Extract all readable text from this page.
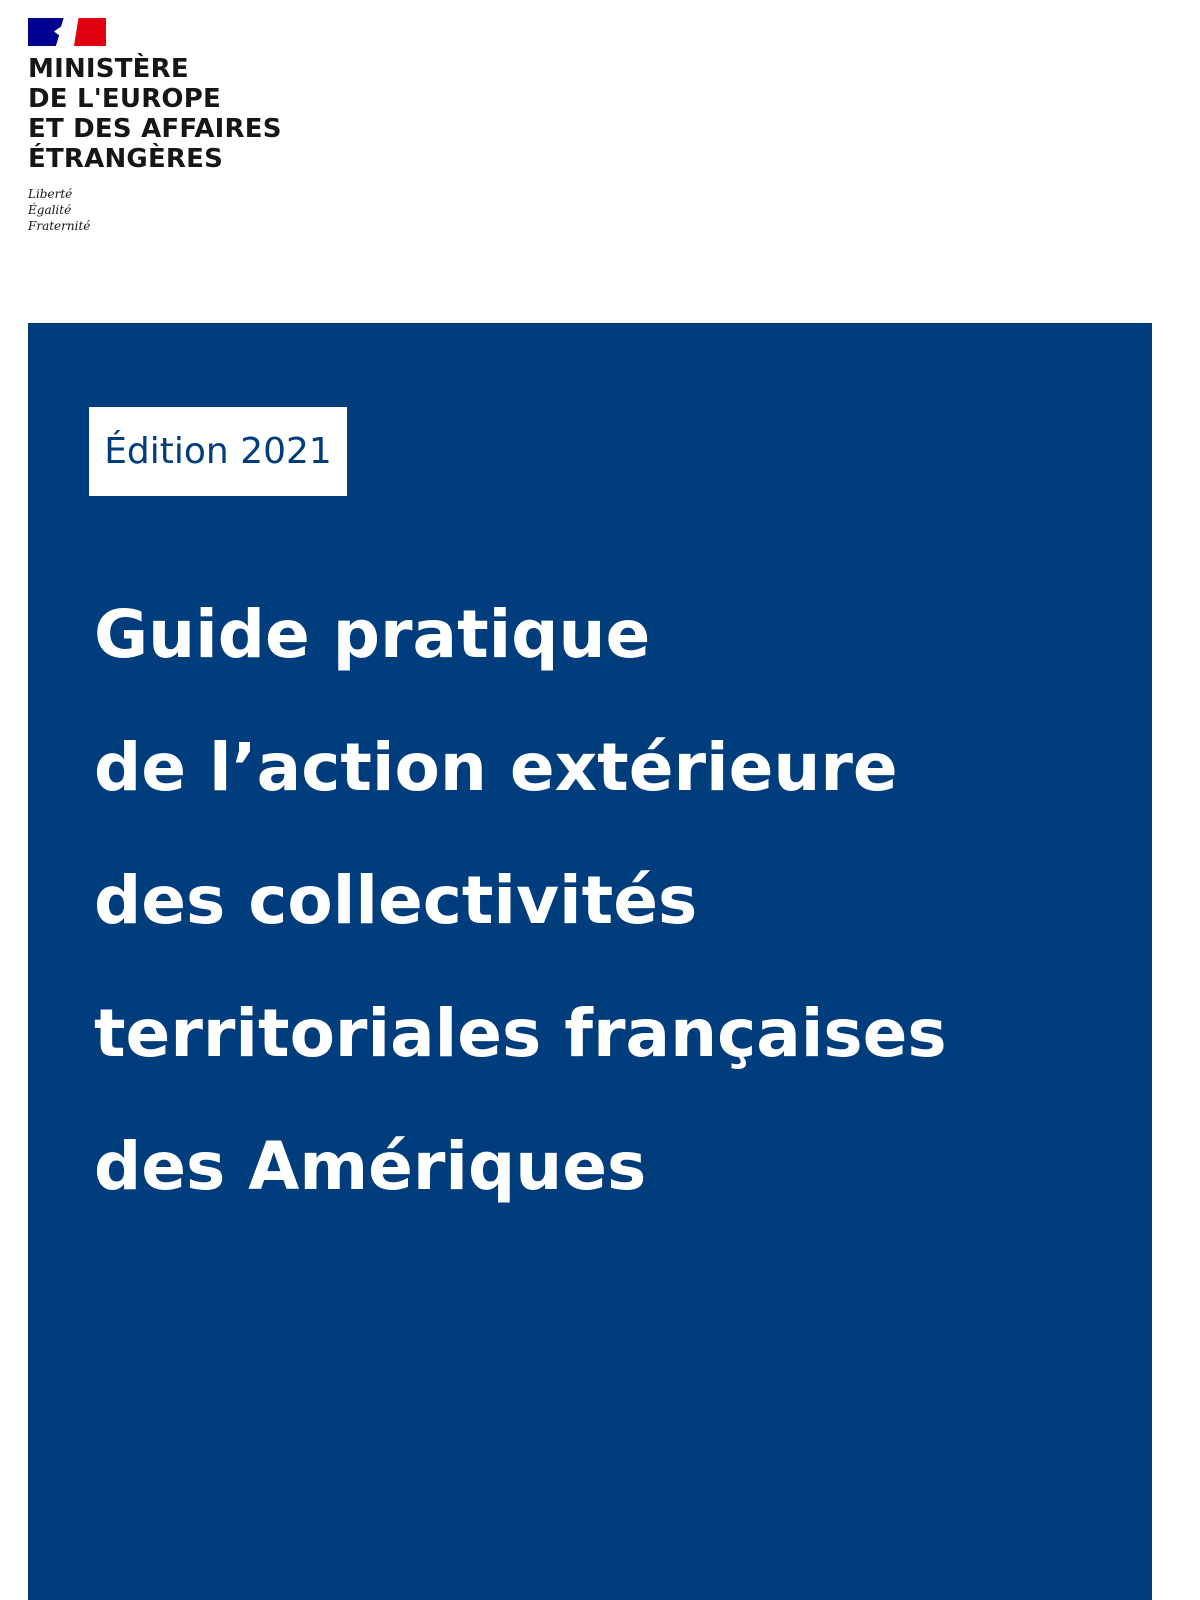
MINISTÈRE
DE L'EUROPE
ET DES AFFAIRES
ÉTRANGÈRES
Liberté
Égalité
Fraternité
Édition 2021
Guide pratique
de l’action extérieure
des collectivités
territoriales françaises
des Amériques
